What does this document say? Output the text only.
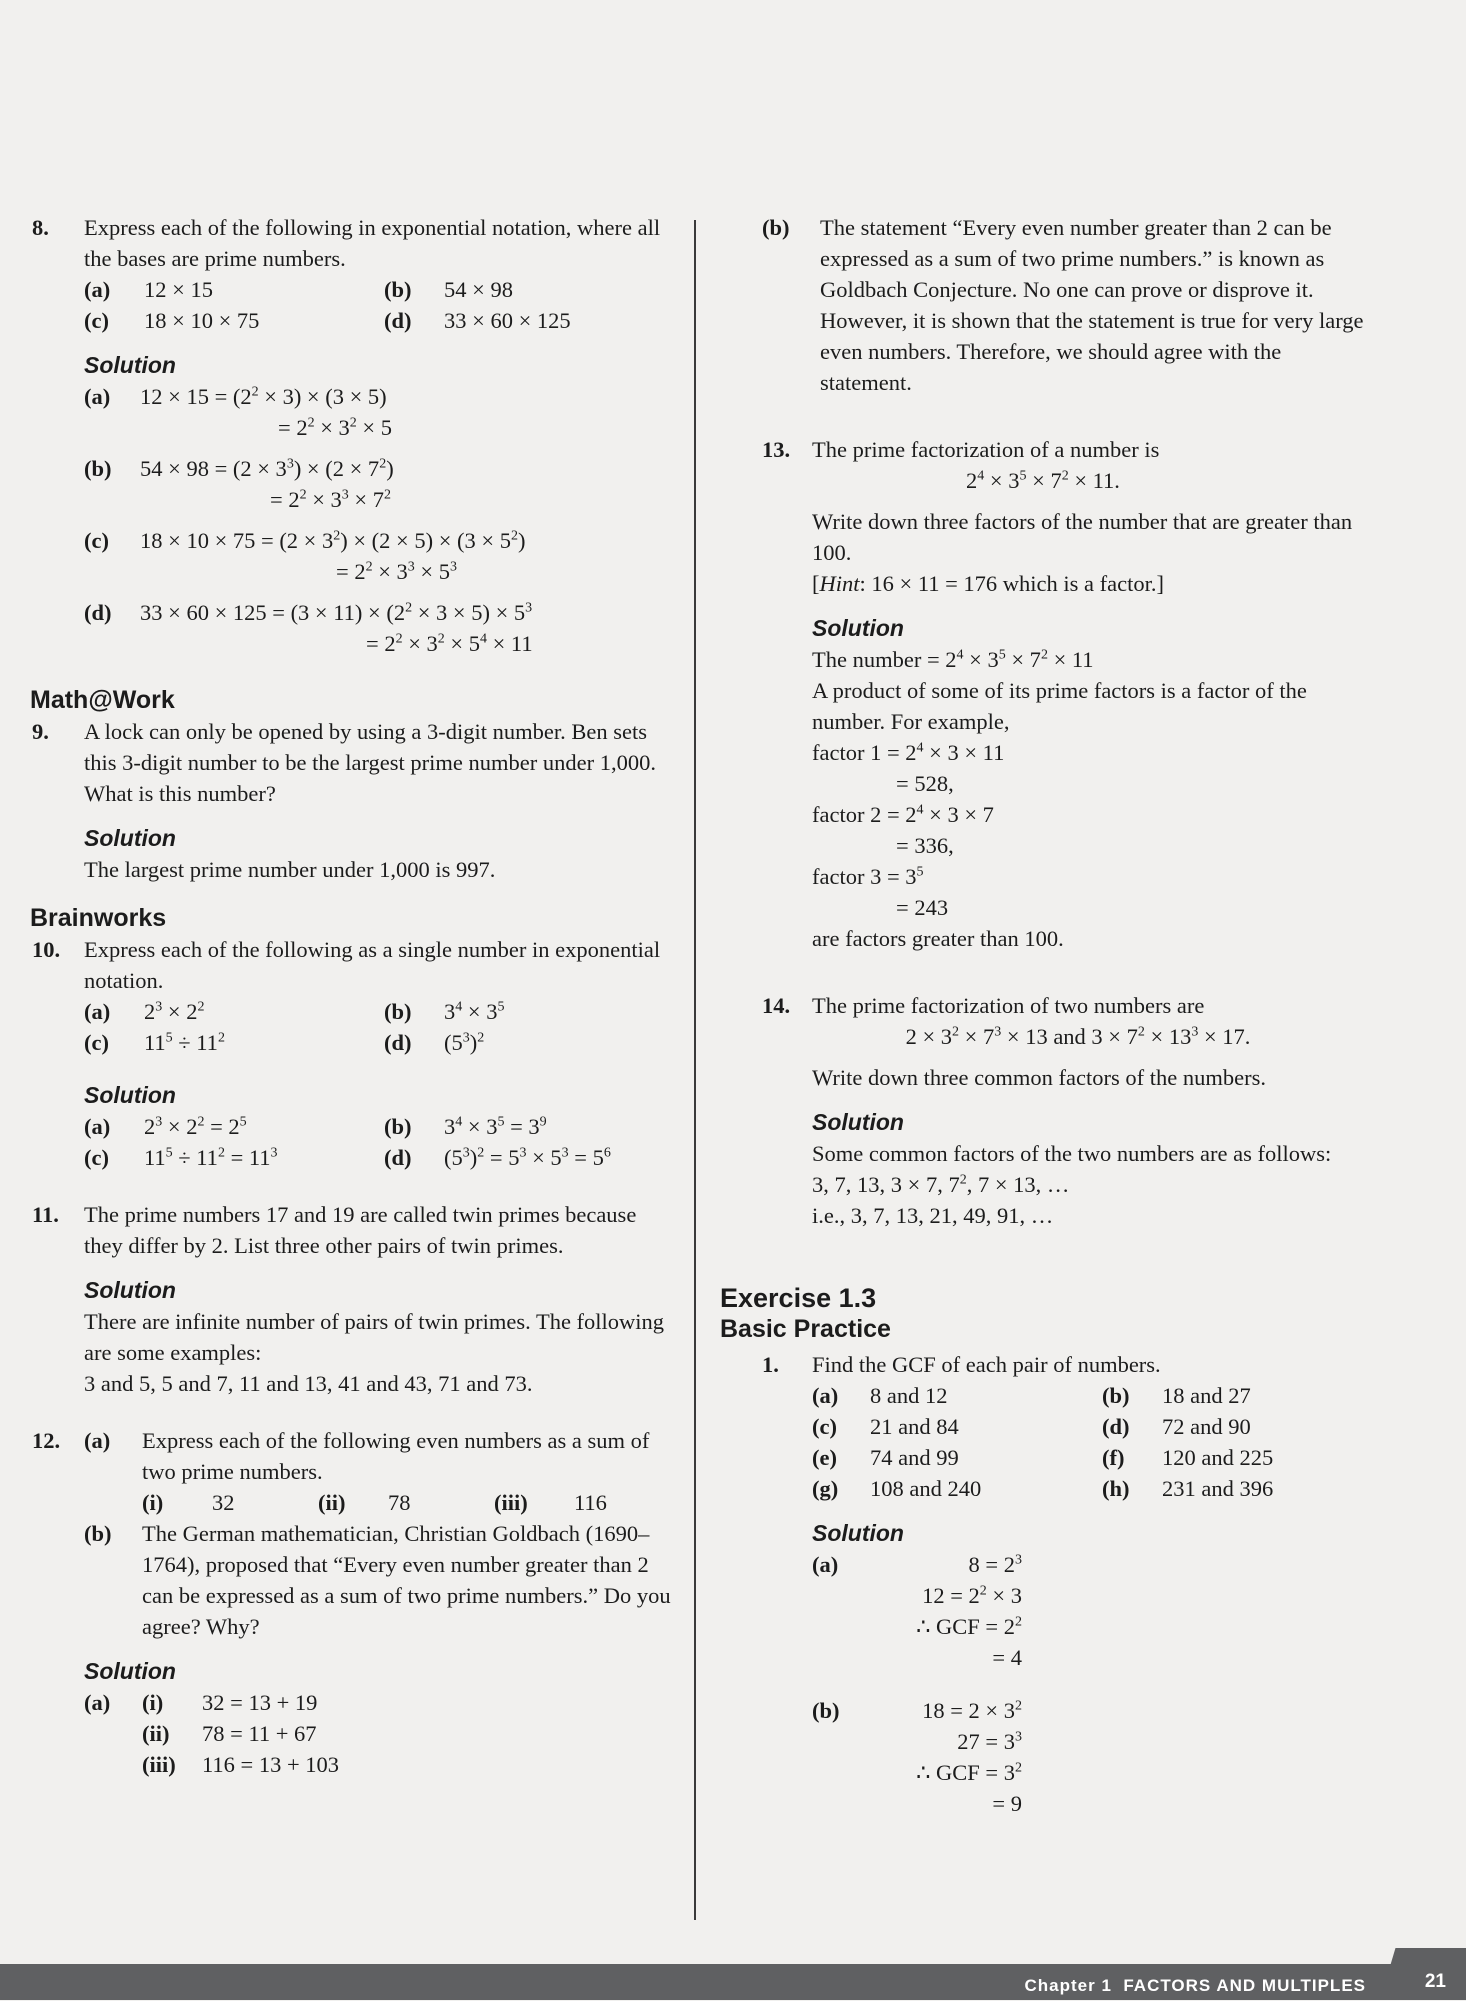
8. Express each of the following in exponential notation, where all the bases are prime numbers.
(a)	12 × 15	(b)	54 × 98
(c)	18 × 10 × 75	(d)	33 × 60 × 125
Solution
(a)	$12 \times 15 = (2^2 \times 3) \times (3 \times 5)$
= $2^2 \times 3^2 \times 5$
(b)	$54 \times 98 = (2 \times 3^3) \times (2 \times 7^2)$
= $2^2 \times 3^3 \times 7^2$
(c)	$18 \times 10 \times 75 = (2 \times 3^2) \times (2 \times 5) \times (3 \times 5^2)$
= $2^2 \times 3^3 \times 5^3$
(d)	$33 \times 60 \times 125 = (3 \times 11) \times (2^2 \times 3 \times 5) \times 5^3$
= $2^2 \times 3^2 \times 5^4 \times 11$
Math@Work
9. A lock can only be opened by using a 3-digit number. Ben sets this 3-digit number to be the largest prime number under 1,000. What is this number?
Solution
The largest prime number under 1,000 is 997.
Brainworks
10. Express each of the following as a single number in exponential notation.
(a)	$2^3 \times 2^2$	(b)	$3^4 \times 3^5$
(c)	$11^5 \div 11^2$	(d)	$(5^3)^2$
Solution
(a)	$2^3 \times 2^2 = 2^5$	(b)	$3^4 \times 3^5 = 3^9$
(c)	$11^5 \div 11^2 = 11^3$	(d)	$(5^3)^2 = 5^3 \times 5^3 = 5^6$
11. The prime numbers 17 and 19 are called twin primes because they differ by 2. List three other pairs of twin primes.
Solution
There are infinite number of pairs of twin primes. The following are some examples:
3 and 5, 5 and 7, 11 and 13, 41 and 43, 71 and 73.
12. (a)	Express each of the following even numbers as a sum of two prime numbers.
(i)	32	(ii)	78	(iii)	116
(b)	The German mathematician, Christian Goldbach (1690–1764), proposed that “Every even number greater than 2 can be expressed as a sum of two prime numbers.” Do you agree? Why?
Solution
(a)	(i)	32 = 13 + 19
(ii)	78 = 11 + 67
(iii)	116 = 13 + 103
(b)	The statement “Every even number greater than 2 can be expressed as a sum of two prime numbers.” is known as Goldbach Conjecture. No one can prove or disprove it. However, it is shown that the statement is true for very large even numbers. Therefore, we should agree with the statement.
13. The prime factorization of a number is
$2^4 \times 3^5 \times 7^2 \times 11$.
Write down three factors of the number that are greater than 100.
[Hint: 16 × 11 = 176 which is a factor.]
Solution
The number = $2^4 \times 3^5 \times 7^2 \times 11$
A product of some of its prime factors is a factor of the number. For example,
factor $1 = 2^4 \times 3 \times 11$
= 528,
factor $2 = 2^4 \times 3 \times 7$
= 336,
factor $3 = 3^5$
= 243
are factors greater than 100.
14. The prime factorization of two numbers are
$2 \times 3^2 \times 7^3 \times 13$ and $3 \times 7^2 \times 13^3 \times 17$.
Write down three common factors of the numbers.
Solution
Some common factors of the two numbers are as follows:
3, 7, 13, 3 × 7, $7^2$, 7 × 13, …
i.e., 3, 7, 13, 21, 49, 91, …
Exercise 1.3
Basic Practice
1. Find the GCF of each pair of numbers.
(a)	8 and 12	(b)	18 and 27
(c)	21 and 84	(d)	72 and 90
(e)	74 and 99	(f)	120 and 225
(g)	108 and 240	(h)	231 and 396
Solution
(a)	$8 = 2^3$
$12 = 2^2 \times 3$
∴ GCF = $2^2$
= 4
(b)	$18 = 2 \times 3^2$
$27 = 3^3$
∴ GCF = $3^2$
= 9
Chapter 1 FACTORS AND MULTIPLES	21
